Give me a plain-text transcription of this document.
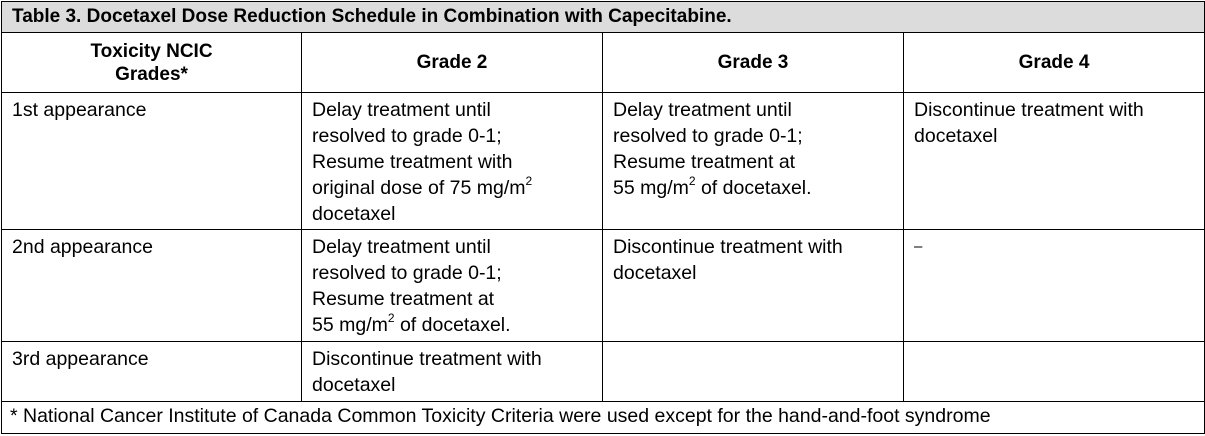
Table 3. Docetaxel Dose Reduction Schedule in Combination with Capecitabine.			

Toxicity NCIC
Grades*	Grade 2	Grade 3	Grade 4
1st appearance	Delay treatment until
resolved to grade 0-1;
Resume treatment with
original dose of 75 $mg/m^2$
docetaxel	Delay treatment until
resolved to grade 0-1;
Resume treatment at
55 $mg/m^2$ of docetaxel.	Discontinue treatment with
docetaxel

2nd appearance	Delay treatment until
resolved to grade 0-1;
Resume treatment at
55 $mg/m^2$ of docetaxel.	Discontinue treatment with
docetaxel	–

3rd appearance	Discontinue treatment with
docetaxel		

* National Cancer Institute of Canada Common Toxicity Criteria were used except for the hand-and-foot syndrome			
